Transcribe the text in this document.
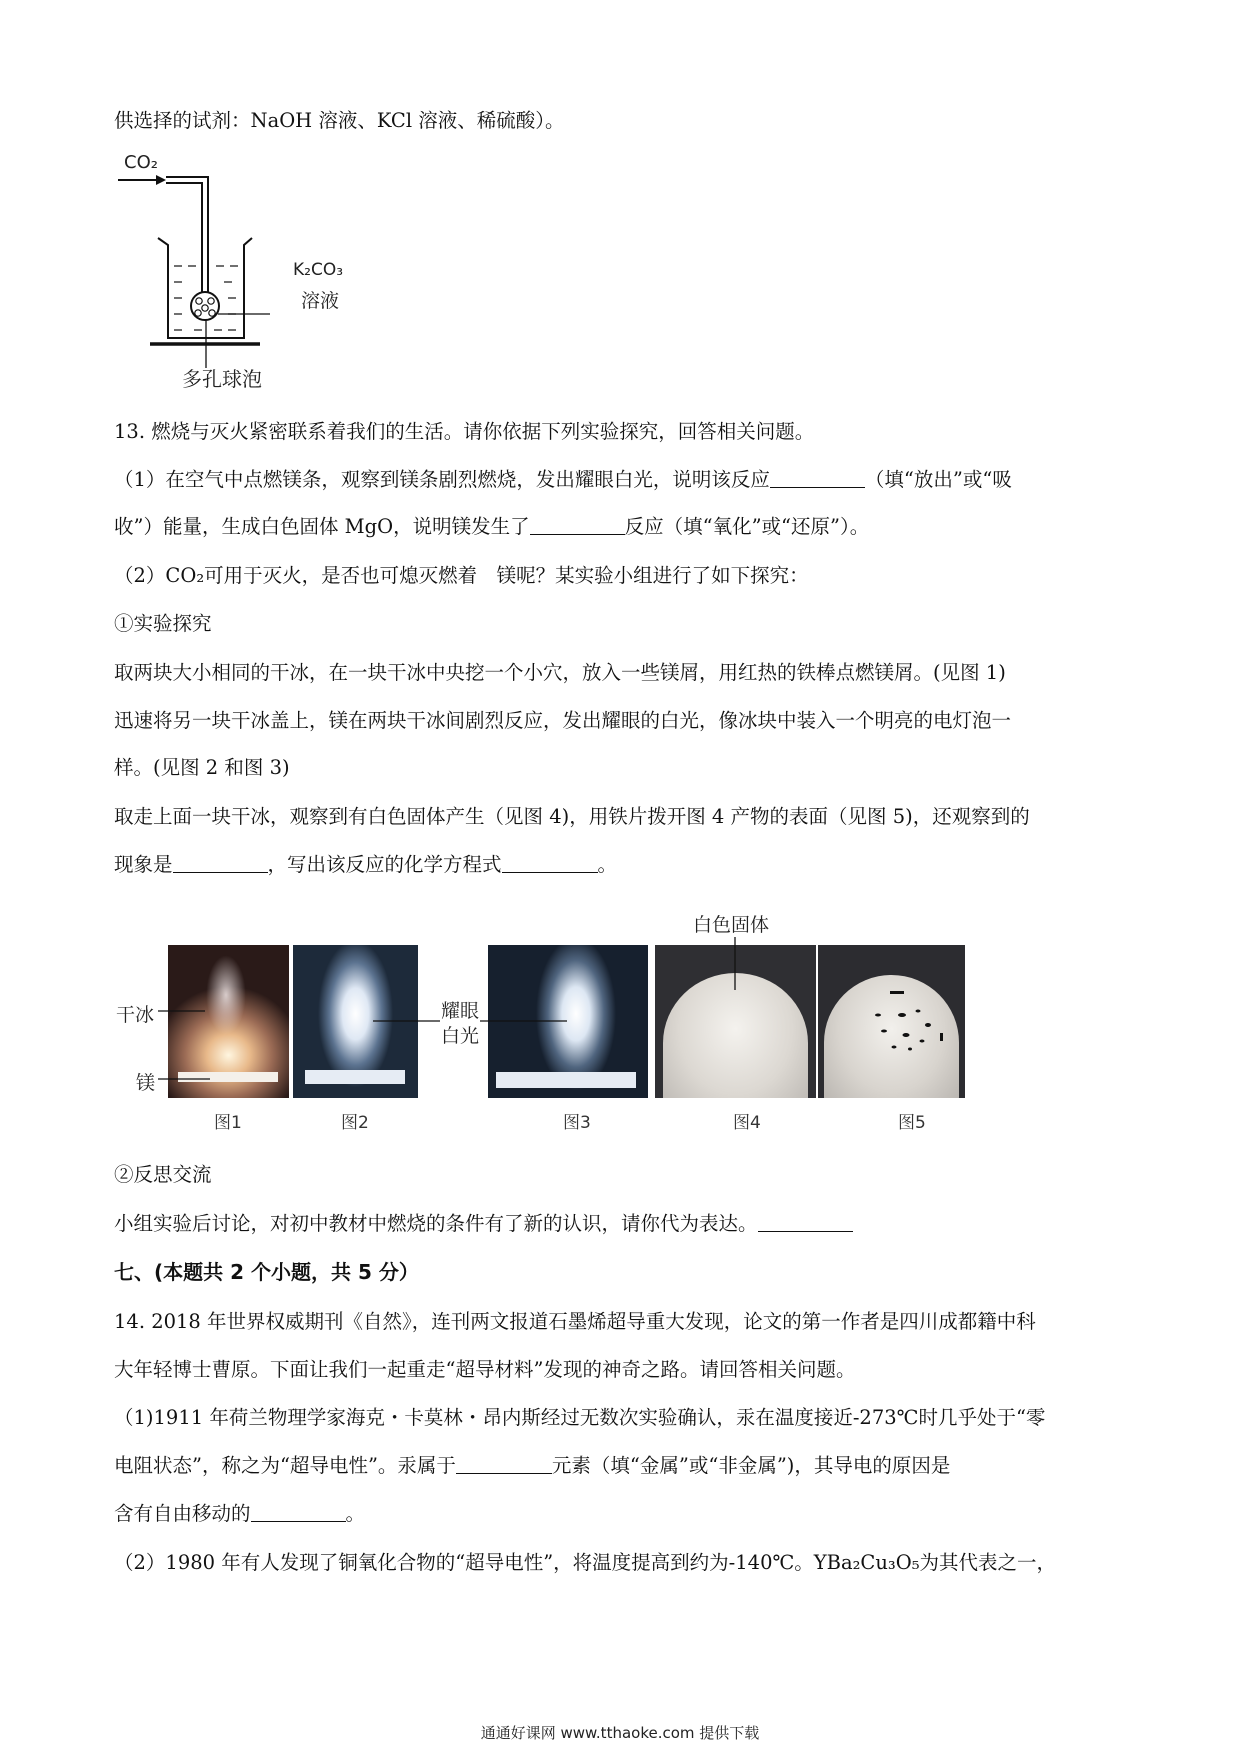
供选择的试剂：NaOH 溶液、KCl 溶液、稀硫酸）。
CO₂
K₂CO₃
溶液
多孔球泡
13. 燃烧与灭火紧密联系着我们的生活。请你依据下列实验探究，回答相关问题。
（1）在空气中点燃镁条，观察到镁条剧烈燃烧，发出耀眼白光，说明该反应	（填“放出”或“吸
收”）能量，生成白色固体 MgO，说明镁发生了	反应（填“氧化”或“还原”）。
（2）CO₂可用于灭火，是否也可熄灭燃着　镁呢？某实验小组进行了如下探究：
①实验探究
取两块大小相同的干冰，在一块干冰中央挖一个小穴，放入一些镁屑，用红热的铁棒点燃镁屑。(见图 1)
迅速将另一块干冰盖上，镁在两块干冰间剧烈反应，发出耀眼的白光，像冰块中装入一个明亮的电灯泡一
样。(见图 2 和图 3)
取走上面一块干冰，观察到有白色固体产生（见图 4)，用铁片拨开图 4 产物的表面（见图 5)，还观察到的
现象是	，写出该反应的化学方程式	。
干冰
镁
耀眼
白光
白色固体
图1	图2	图3	图4	图5
②反思交流
小组实验后讨论，对初中教材中燃烧的条件有了新的认识，请你代为表达。
七、(本题共 2 个小题，共 5 分）
14. 2018 年世界权威期刊《自然》，连刊两文报道石墨烯超导重大发现，论文的第一作者是四川成都籍中科
大年轻博士曹原。下面让我们一起重走“超导材料”发现的神奇之路。请回答相关问题。
（1)1911 年荷兰物理学家海克・卡莫林・昂内斯经过无数次实验确认，汞在温度接近-273℃时几乎处于“零
电阻状态”，称之为“超导电性”。汞属于	元素（填“金属”或“非金属”)，其导电的原因是
含有自由移动的	。
（2）1980 年有人发现了铜氧化合物的“超导电性”，将温度提高到约为-140℃。YBa₂Cu₃O₅为其代表之一，
通通好课网 www.tthaoke.com 提供下载
